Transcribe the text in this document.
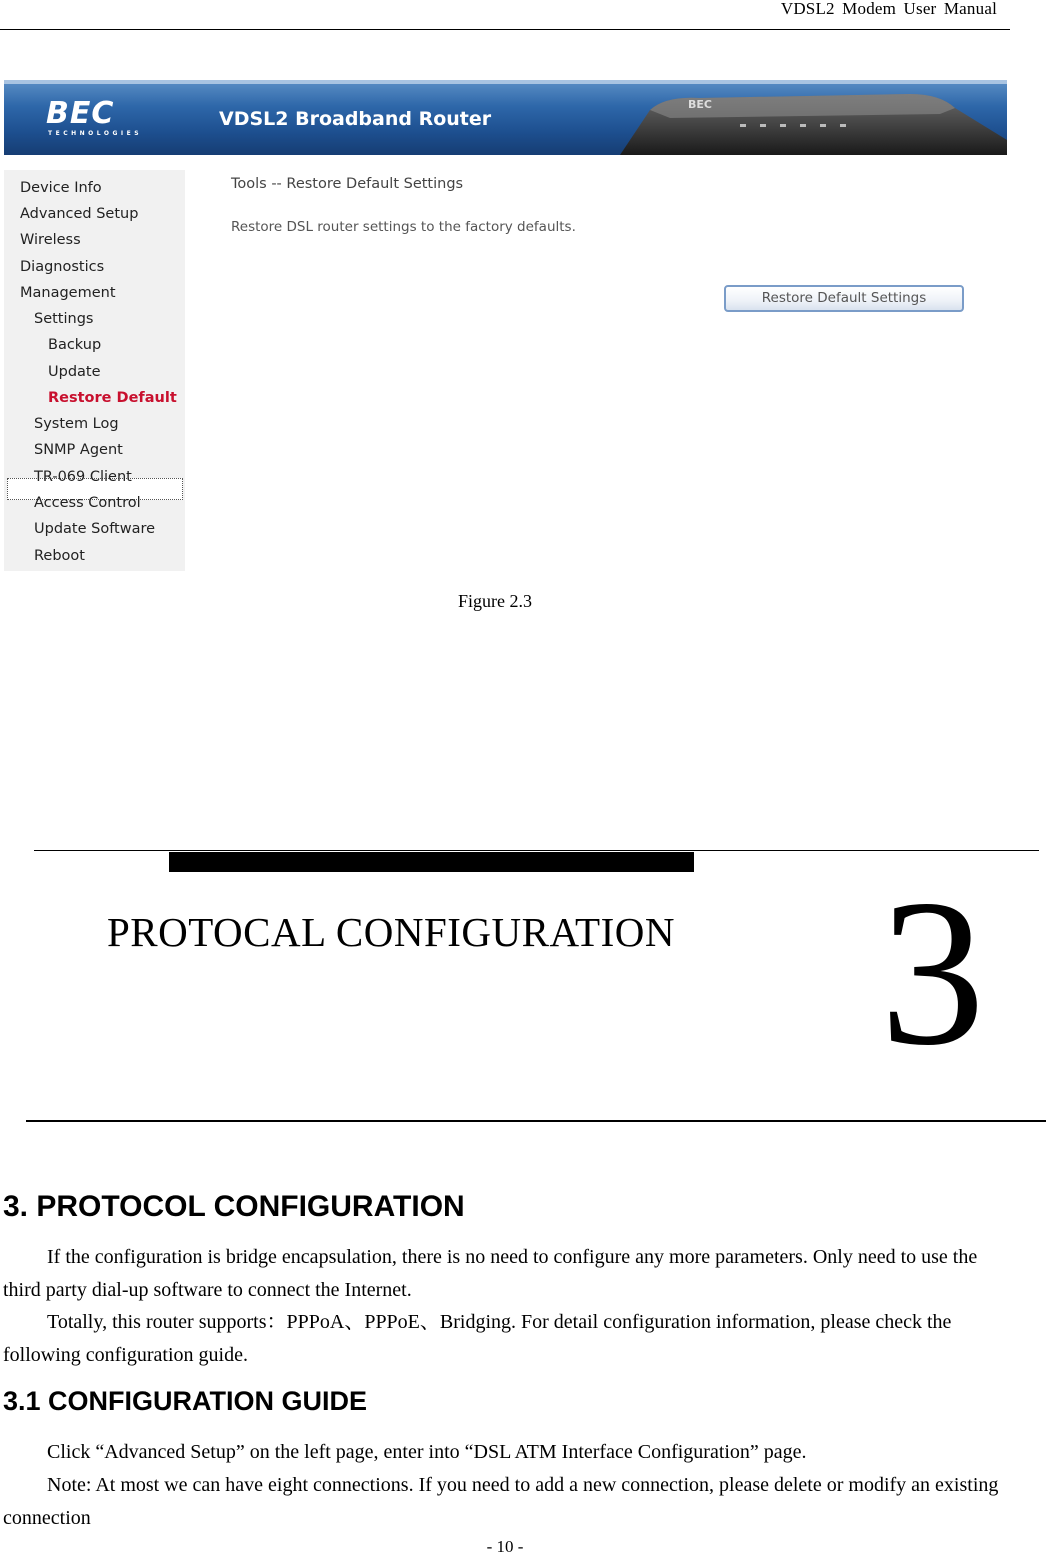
VDSL2 Modem User Manual
BEC
TECHNOLOGIES
VDSL2 Broadband Router
BEC
Device Info
Advanced Setup
Wireless
Diagnostics
Management
Settings
Backup
Update
Restore Default
System Log
SNMP Agent
TR-069 Client
Access Control
Update Software
Reboot
Tools -- Restore Default Settings
Restore DSL router settings to the factory defaults.
Restore Default Settings
Figure 2.3
PROTOCAL CONFIGURATION 3
3. PROTOCOL CONFIGURATION
If the configuration is bridge encapsulation, there is no need to configure any more parameters. Only need to use the third party dial-up software to connect the Internet.
Totally, this router supports：PPPoA、PPPoE、Bridging. For detail configuration information, please check the following configuration guide.
3.1 CONFIGURATION GUIDE
Click “Advanced Setup” on the left page, enter into “DSL ATM Interface Configuration” page.
Note: At most we can have eight connections. If you need to add a new connection, please delete or modify an existing connection
- 10 -
